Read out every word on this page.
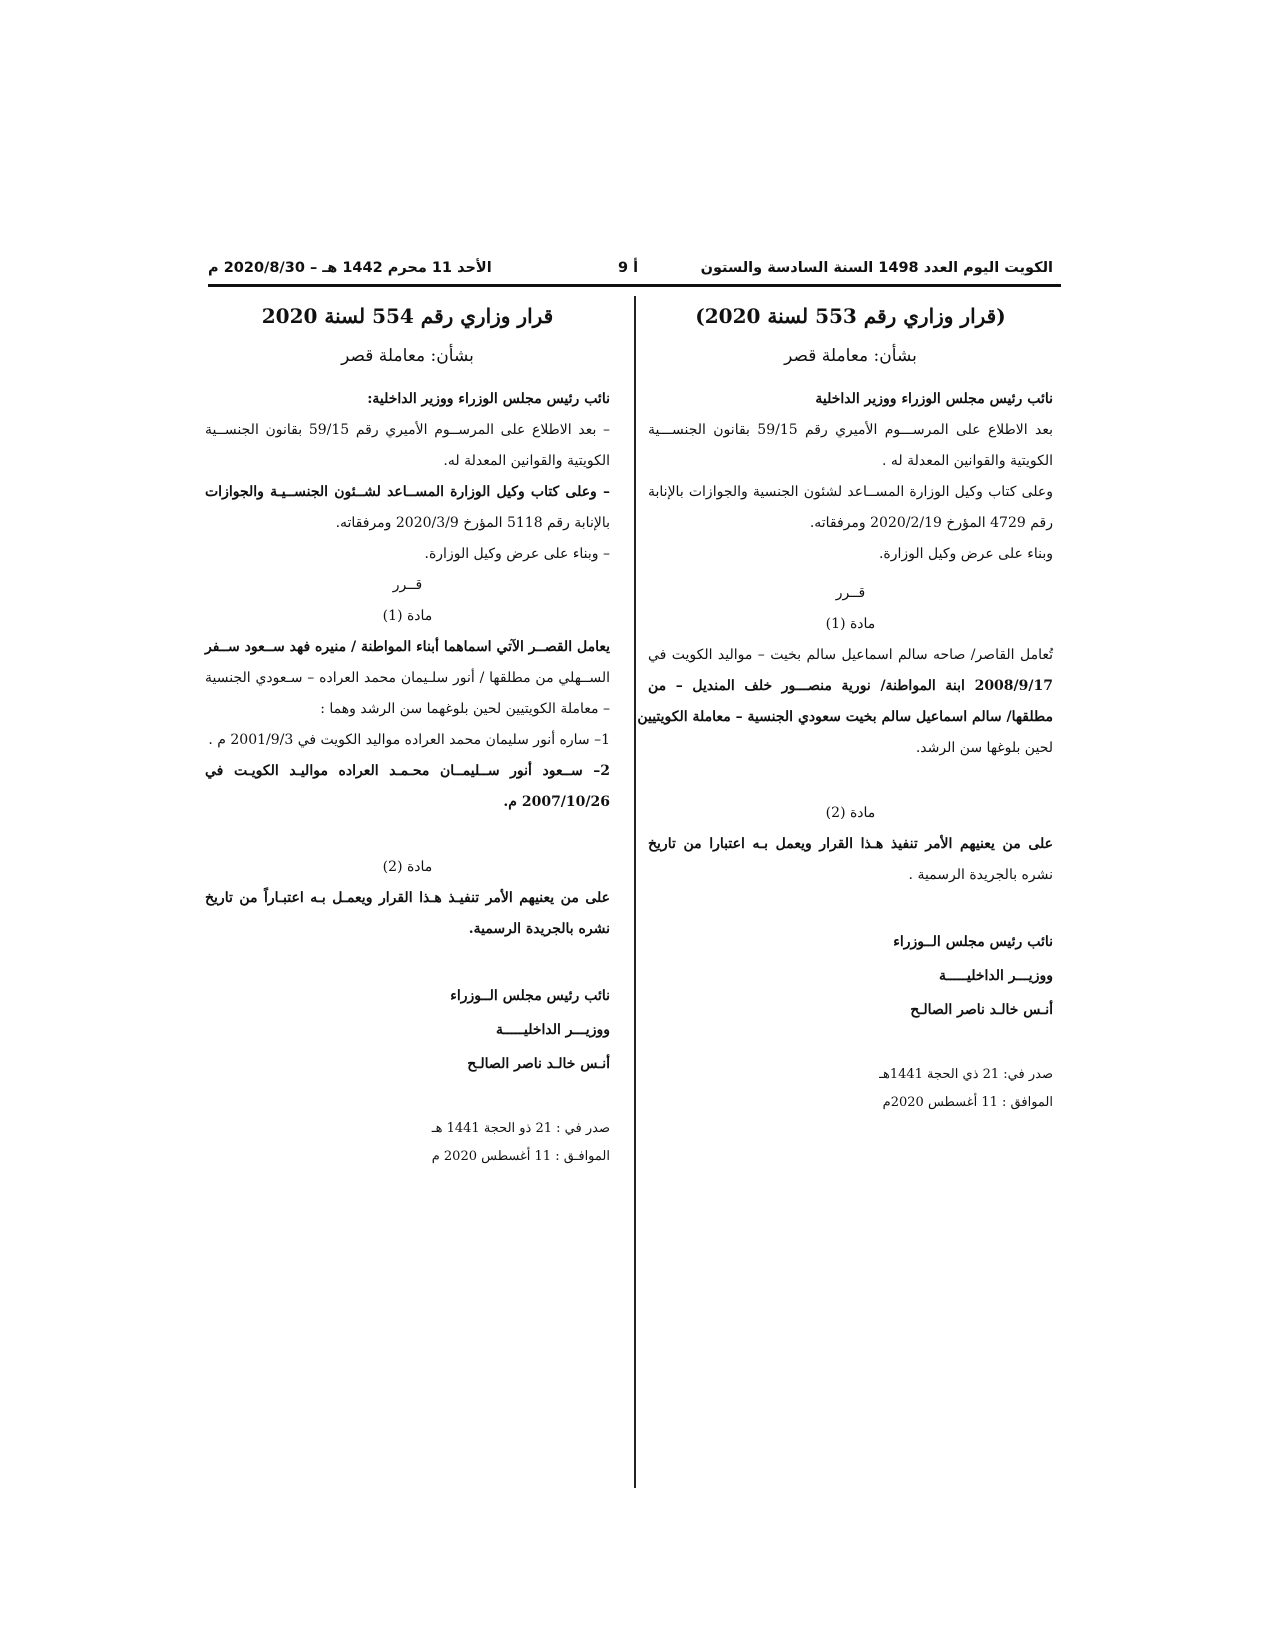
الكويت اليوم العدد 1498 السنة السادسة والستون
أ 9
الأحد 11 محرم 1442 هـ – 2020/8/30 م
(قرار وزاري رقم 553 لسنة 2020)
بشأن: معاملة قصر
نائب رئيس مجلس الوزراء ووزير الداخلية
بعد الاطلاع على المرســـوم الأميري رقم 59/15 بقانون الجنســـية
الكويتية والقوانين المعدلة له .
وعلى كتاب وكيل الوزارة المســاعد لشئون الجنسية والجوازات بالإنابة
رقم 4729 المؤرخ 2020/2/19 ومرفقاته.
وبناء على عرض وكيل الوزارة.
قــرر
مادة (1)
تُعامل القاصر/ صاحه سالم اسماعيل سالم بخيت – مواليد الكويت في
2008/9/17 ابنة المواطنة/ نورية منصـــور خلف المنديل – من
مطلقها/ سالم اسماعيل سالم بخيت سعودي الجنسية – معاملة الكويتيين
لحين بلوغها سن الرشد.
مادة (2)
على من يعنيهم الأمر تنفيذ هـذا القرار ويعمل بـه اعتبارا من تاريخ
نشره بالجريدة الرسمية .
نائب رئيس مجلس الــوزراء
ووزيـــر الداخليـــــة
أنـس خالـد ناصر الصالـح
صدر في: 21 ذي الحجة 1441هـ
الموافق : 11 أغسطس 2020م
قرار وزاري رقم 554 لسنة 2020
بشأن: معاملة قصر
نائب رئيس مجلس الوزراء ووزير الداخلية:
– بعد الاطلاع على المرســوم الأميري رقم 59/15 بقانون الجنســية
الكويتية والقوانين المعدلة له.
– وعلى كتاب وكيل الوزارة المســاعد لشــئون الجنســيـة والجوازات
بالإنابة رقم 5118 المؤرخ 2020/3/9 ومرفقاته.
– وبناء على عرض وكيل الوزارة.
قــرر
مادة (1)
يعامل القصــر الآتي اسماهما أبناء المواطنة / منيره فهد ســعود ســفر
الســهلي من مطلقها / أنور سلـيمان محمد العراده – سـعودي الجنسية
– معاملة الكويتيين لحين بلوغهما سن الرشد وهما :
1– ساره أنور سليمان محمد العراده مواليد الكويت في 2001/9/3 م .
2– ســعود أنور ســليمــان محـمـد العراده مواليـد الكويـت في
2007/10/26 م.
مادة (2)
على من يعنيهم الأمر تنفيـذ هـذا القرار ويعمـل بـه اعتبـاراً من تاريخ
نشره بالجريدة الرسمية.
نائب رئيس مجلس الــوزراء
ووزيـــر الداخليـــــة
أنـس خالـد ناصر الصالـح
صدر في : 21 ذو الحجة 1441 هـ
الموافـق : 11 أغسطس 2020 م
